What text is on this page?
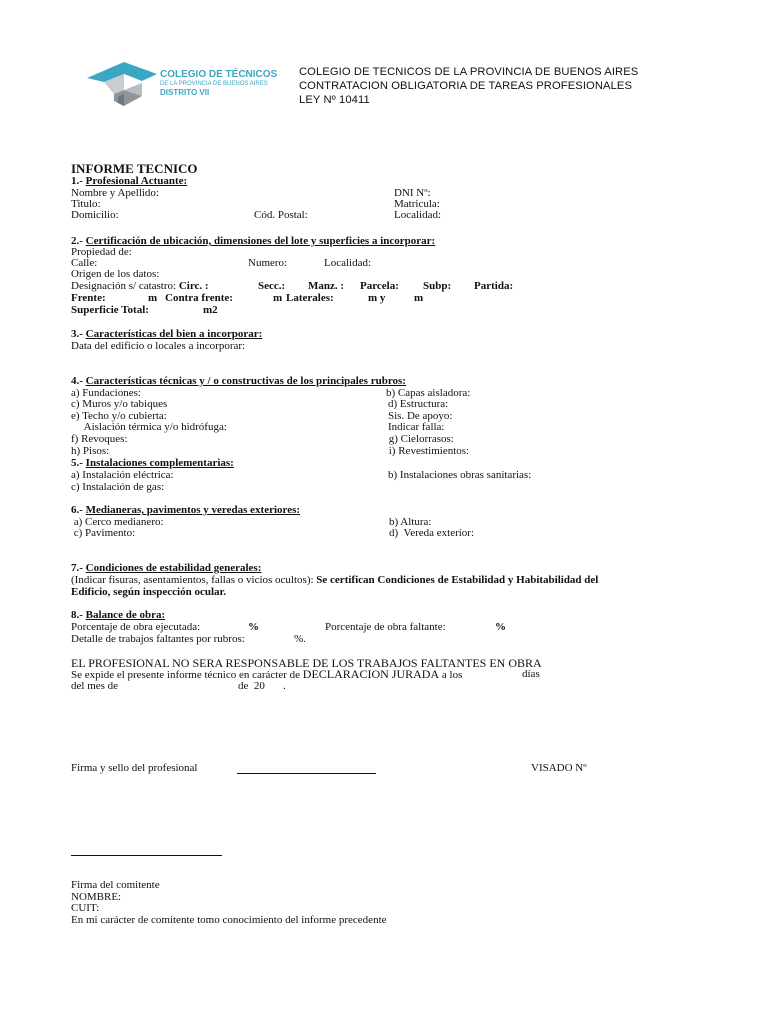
COLEGIO DE TÉCNICOS
DE LA PROVINCIA DE BUENOS AIRES
DISTRITO VII
COLEGIO DE TECNICOS DE LA PROVINCIA DE BUENOS AIRES
CONTRATACION OBLIGATORIA DE TAREAS PROFESIONALES
LEY Nº 10411
INFORME TECNICO
1.- Profesional Actuante:
Nombre y Apellido:	DNI Nº:
Titulo:	Matricula:
Domicilio:	Cód. Postal:	Localidad:
2.- Certificación de ubicación, dimensiones del lote y superficies a incorporar:
Propiedad de:
Calle:	Numero:	Localidad:
Origen de los datos:
Designación s/ catastro: Circ. :	Secc.: Manz. : Parcela: Subp: Partida:
Frente:	m Contra frente:	m Laterales:	m y	m
Superficie Total:	m2
3.- Características del bien a incorporar:
Data del edificio o locales a incorporar:
4.- Características técnicas y / o constructivas de los principales rubros:
a) Fundaciones:	b) Capas aisladora:
c) Muros y/o tabiques	d) Estructura:
e) Techo y/o cubierta:	Sis. De apoyo:
Aislación térmica y/o hidrófuga:	Indicar falla:
f) Revoques:	g) Cielorrasos:
h) Pisos:	i) Revestimientos:
5.- Instalaciones complementarias:
a) Instalación eléctrica:	b) Instalaciones obras sanitarias:
c) Instalación de gas:
6.- Medianeras, pavimentos y veredas exteriores:
a) Cerco medianero:	b) Altura:
c) Pavimento:	d)  Vereda exterior:
7.- Condiciones de estabilidad generales:
(Indicar fisuras, asentamientos, fallas o vicios ocultos): Se certifican Condiciones de Estabilidad y Habitabilidad del
Edificio, según inspección ocular.
8.- Balance de obra:
Porcentaje de obra ejecutada:	%	Porcentaje de obra faltante:	%
Detalle de trabajos faltantes por rubros:	%.
EL PROFESIONAL NO SERA RESPONSABLE DE LOS TRABAJOS FALTANTES EN OBRA
Se expide el presente informe técnico en carácter de DECLARACION JURADA a los	días
del mes de	de  20 .
Firma y sello del profesional	VISADO Nº
Firma del comitente
NOMBRE:
CUIT:
En mi carácter de comitente tomo conocimiento del informe precedente
